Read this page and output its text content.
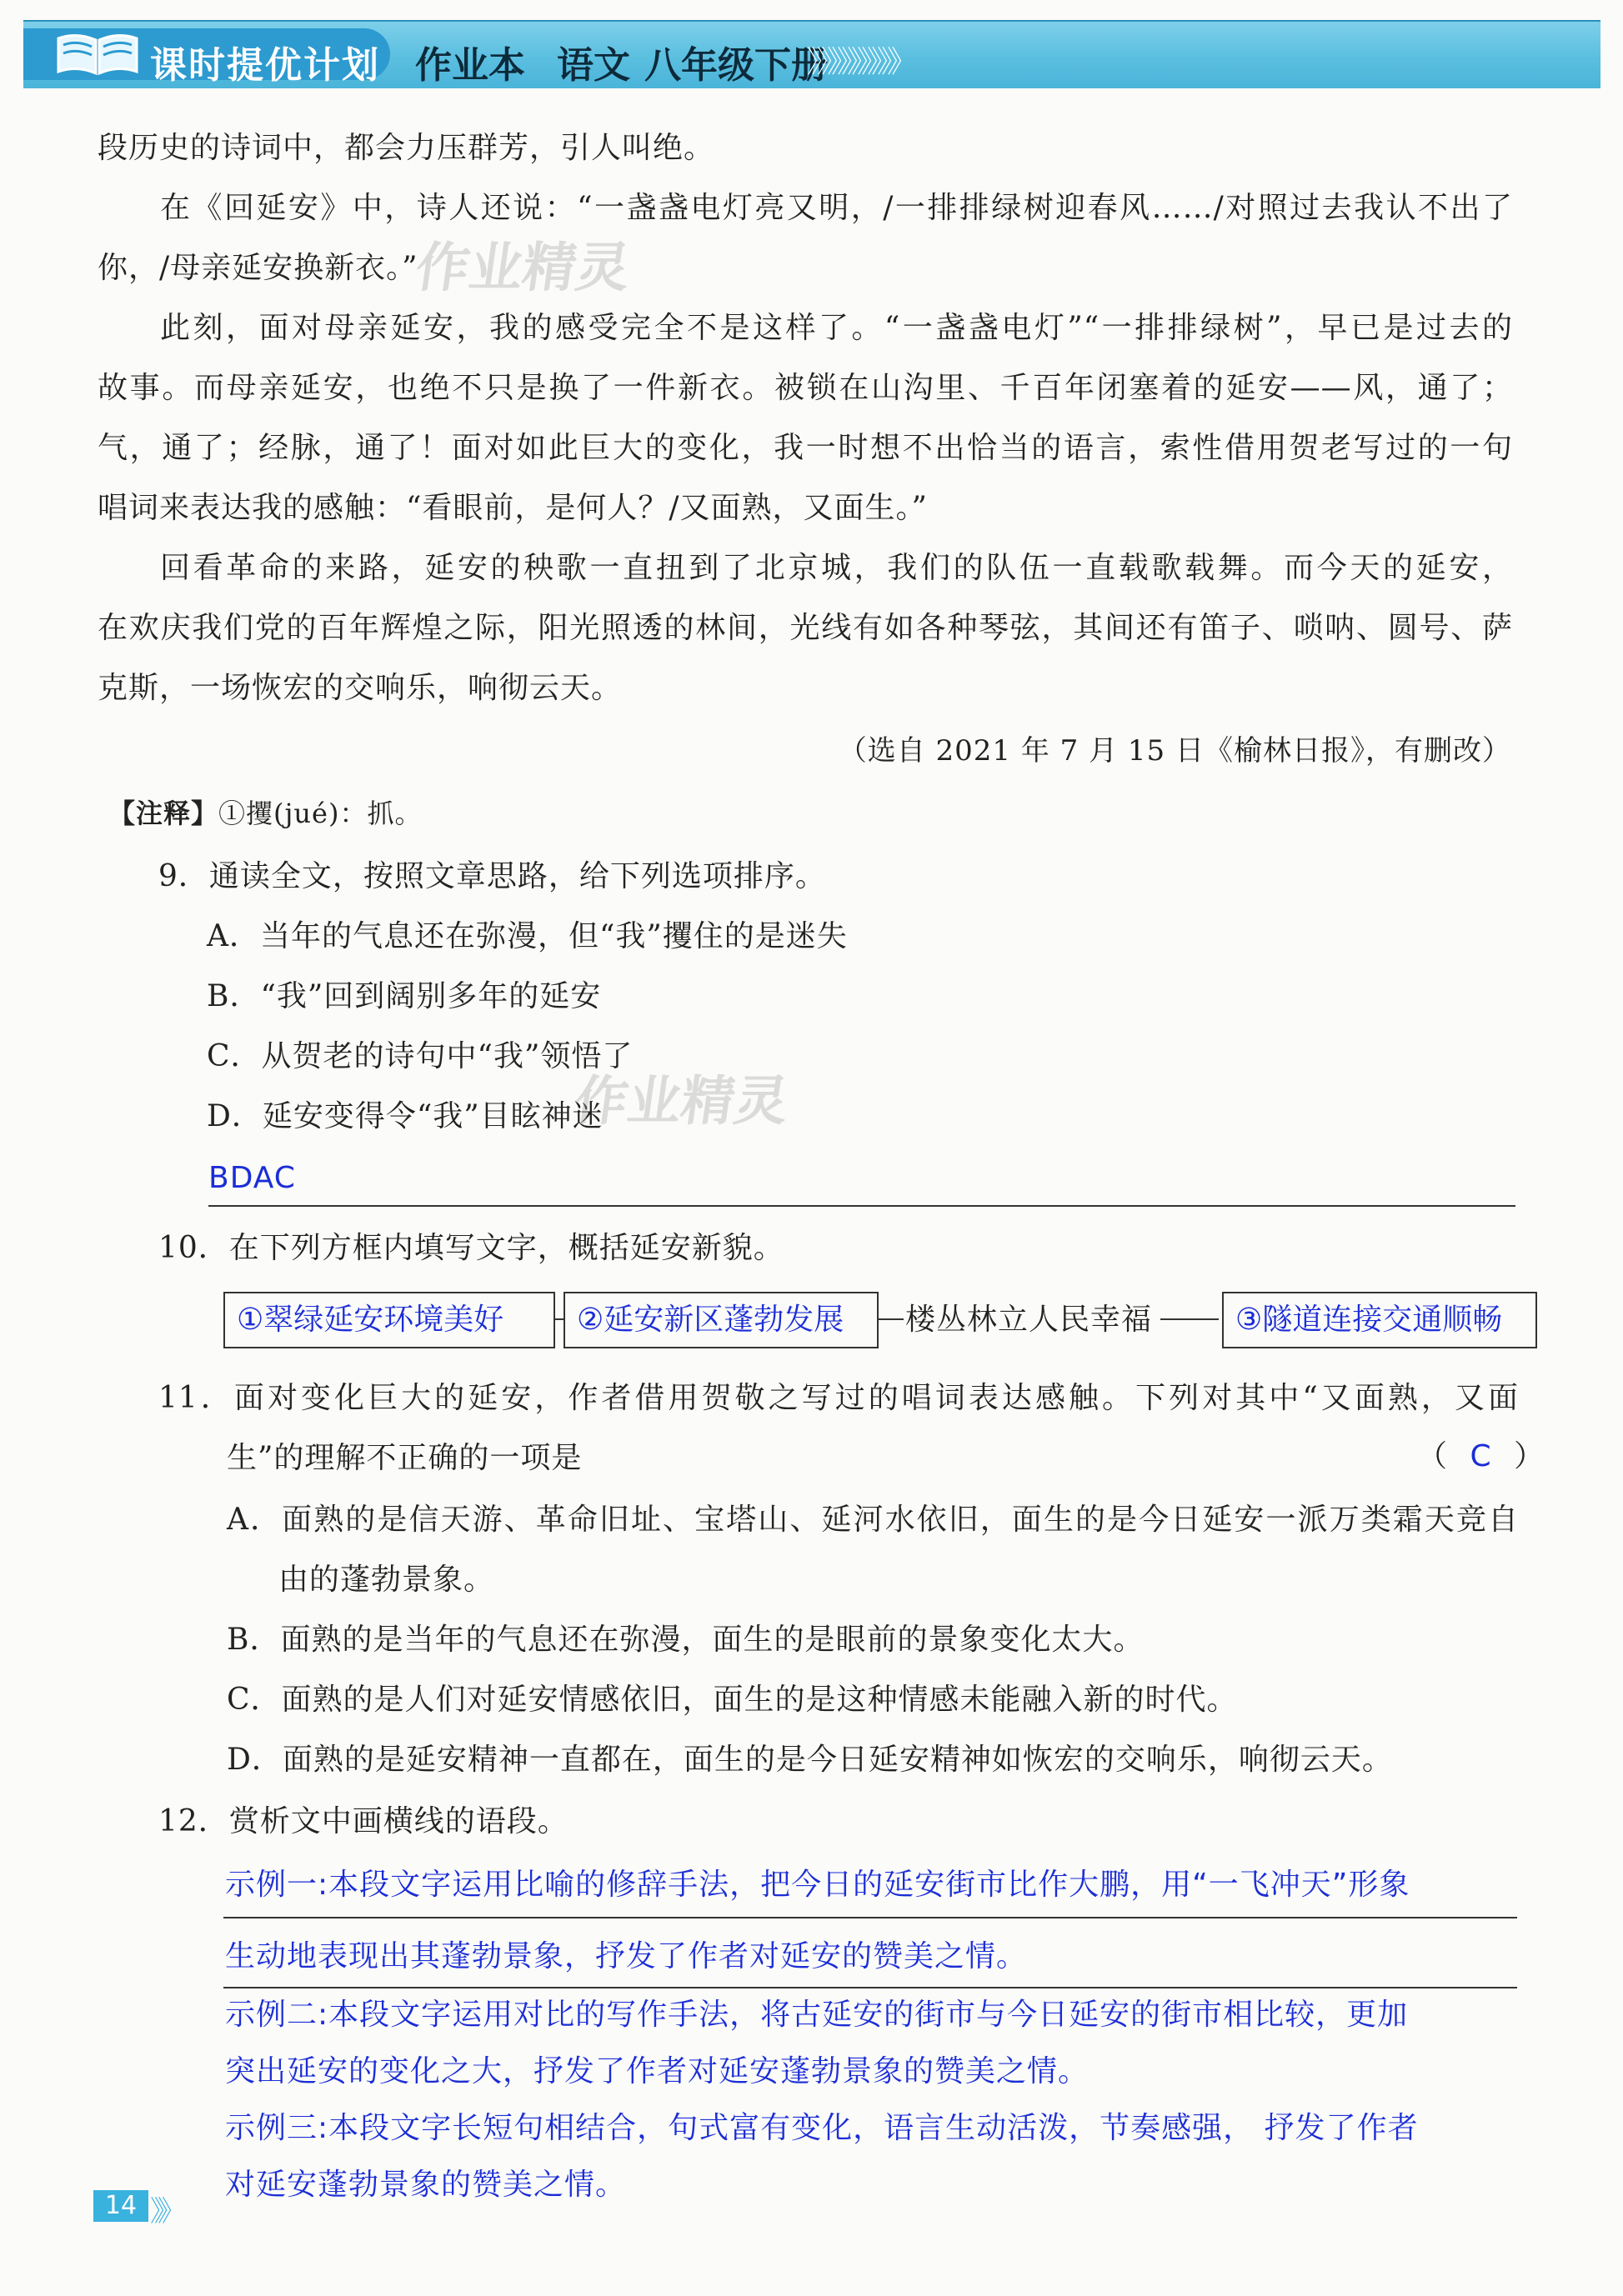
课时提优计划 作业本 语文 八年级下册
》》》》》》》》》
段历史的诗词中，都会力压群芳，引人叫绝。
在《回延安》中，诗人还说：“一盏盏电灯亮又明，/一排排绿树迎春风……/对照过去我认不出了
你，/母亲延安换新衣。”
此刻，面对母亲延安，我的感受完全不是这样了。“一盏盏电灯”“一排排绿树”，早已是过去的
故事。而母亲延安，也绝不只是换了一件新衣。被锁在山沟里、千百年闭塞着的延安——风，通了；
气，通了；经脉，通了！面对如此巨大的变化，我一时想不出恰当的语言，索性借用贺老写过的一句
唱词来表达我的感触：“看眼前，是何人？/又面熟，又面生。”
回看革命的来路，延安的秧歌一直扭到了北京城，我们的队伍一直载歌载舞。而今天的延安，
在欢庆我们党的百年辉煌之际，阳光照透的林间，光线有如各种琴弦，其间还有笛子、唢呐、圆号、萨
克斯，一场恢宏的交响乐，响彻云天。
（选自 2021 年 7 月 15 日《榆林日报》，有删改）
【注释】①攫(jué)：抓。
9．通读全文，按照文章思路，给下列选项排序。
A．当年的气息还在弥漫，但“我”攫住的是迷失
B．“我”回到阔别多年的延安
C．从贺老的诗句中“我”领悟了
D．延安变得令“我”目眩神迷
BDAC
10．在下列方框内填写文字，概括延安新貌。
①翠绿延安环境美好	②延安新区蓬勃发展	楼丛林立人民幸福	③隧道连接交通顺畅
11．面对变化巨大的延安，作者借用贺敬之写过的唱词表达感触。下列对其中“又面熟，又面
生”的理解不正确的一项是	（ C ）
A．面熟的是信天游、革命旧址、宝塔山、延河水依旧，面生的是今日延安一派万类霜天竞自
由的蓬勃景象。
B．面熟的是当年的气息还在弥漫，面生的是眼前的景象变化太大。
C．面熟的是人们对延安情感依旧，面生的是这种情感未能融入新的时代。
D．面熟的是延安精神一直都在，面生的是今日延安精神如恢宏的交响乐，响彻云天。
12．赏析文中画横线的语段。
示例一:本段文字运用比喻的修辞手法，把今日的延安街市比作大鹏，用“一飞冲天”形象
生动地表现出其蓬勃景象，抒发了作者对延安的赞美之情。
示例二:本段文字运用对比的写作手法，将古延安的街市与今日延安的街市相比较，更加
突出延安的变化之大，抒发了作者对延安蓬勃景象的赞美之情。
示例三:本段文字长短句相结合，句式富有变化，语言生动活泼，节奏感强， 抒发了作者
对延安蓬勃景象的赞美之情。
作业精灵
作业精灵
14 》》
